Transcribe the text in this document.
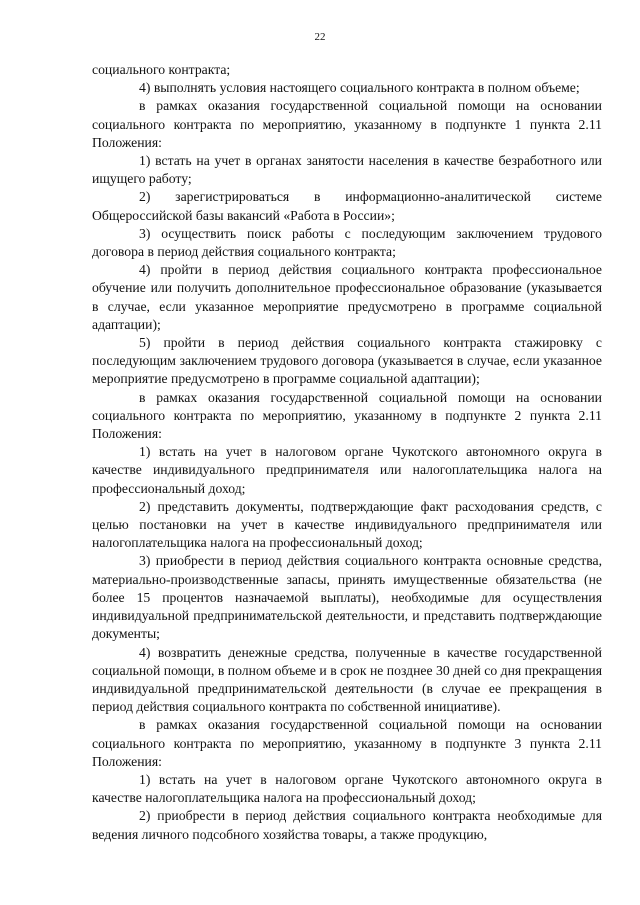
22

социального контракта;

4) выполнять условия настоящего социального контракта в полном объеме;

в рамках оказания государственной социальной помощи на основании социального контракта по мероприятию, указанному в подпункте 1 пункта 2.11 Положения:

1) встать на учет в органах занятости населения в качестве безработного или ищущего работу;

2) зарегистрироваться в информационно-аналитической системе Общероссийской базы вакансий «Работа в России»;

3) осуществить поиск работы с последующим заключением трудового договора в период действия социального контракта;

4) пройти в период действия социального контракта профессиональное обучение или получить дополнительное профессиональное образование (указывается в случае, если указанное мероприятие предусмотрено в программе социальной адаптации);

5) пройти в период действия социального контракта стажировку с последующим заключением трудового договора (указывается в случае, если указанное мероприятие предусмотрено в программе социальной адаптации);

в рамках оказания государственной социальной помощи на основании социального контракта по мероприятию, указанному в подпункте 2 пункта 2.11 Положения:

1) встать на учет в налоговом органе Чукотского автономного округа в качестве индивидуального предпринимателя или налогоплательщика налога на профессиональный доход;

2) представить документы, подтверждающие факт расходования средств, с целью постановки на учет в качестве индивидуального предпринимателя или налогоплательщика налога на профессиональный доход;

3) приобрести в период действия социального контракта основные средства, материально-производственные запасы, принять имущественные обязательства (не более 15 процентов назначаемой выплаты), необходимые для осуществления индивидуальной предпринимательской деятельности, и представить подтверждающие документы;

4) возвратить денежные средства, полученные в качестве государственной социальной помощи, в полном объеме и в срок не позднее 30 дней со дня прекращения индивидуальной предпринимательской деятельности (в случае ее прекращения в период действия социального контракта по собственной инициативе).

в рамках оказания государственной социальной помощи на основании социального контракта по мероприятию, указанному в подпункте 3 пункта 2.11 Положения:

1) встать на учет в налоговом органе Чукотского автономного округа в качестве налогоплательщика налога на профессиональный доход;

2) приобрести в период действия социального контракта необходимые для ведения личного подсобного хозяйства товары, а также продукцию,
